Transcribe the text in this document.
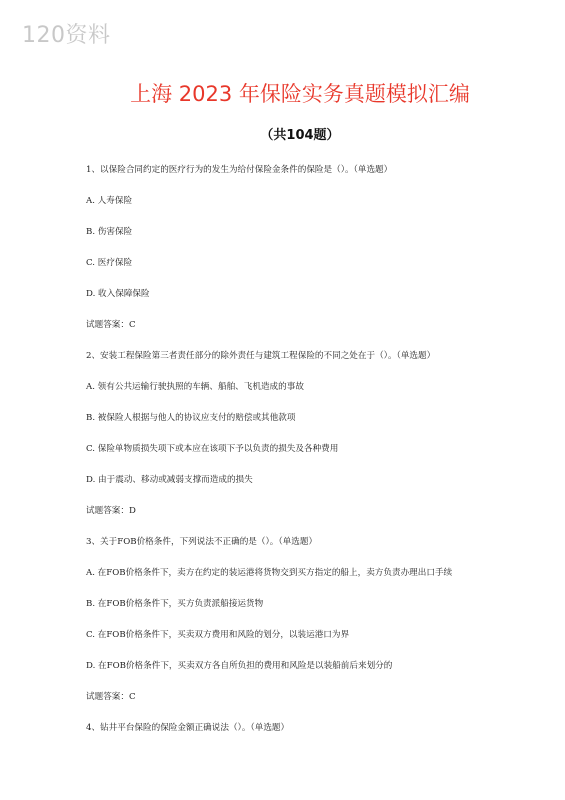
120资料
上海 2023 年保险实务真题模拟汇编
（共104题）
1、以保险合同约定的医疗行为的发生为给付保险金条件的保险是（）。（单选题）
A. 人寿保险
B. 伤害保险
C. 医疗保险
D. 收入保障保险
试题答案：C
2、安装工程保险第三者责任部分的除外责任与建筑工程保险的不同之处在于（）。（单选题）
A. 领有公共运输行驶执照的车辆、船舶、飞机造成的事故
B. 被保险人根据与他人的协议应支付的赔偿或其他款项
C. 保险单物质损失项下或本应在该项下予以负责的损失及各种费用
D. 由于震动、移动或减弱支撑而造成的损失
试题答案：D
3、关于FOB价格条件，下列说法不正确的是（）。（单选题）
A. 在FOB价格条件下，卖方在约定的装运港将货物交到买方指定的船上，卖方负责办理出口手续
B. 在FOB价格条件下，买方负责派船接运货物
C. 在FOB价格条件下，买卖双方费用和风险的划分，以装运港口为界
D. 在FOB价格条件下，买卖双方各自所负担的费用和风险是以装船前后来划分的
试题答案：C
4、钻井平台保险的保险金额正确说法（）。（单选题）
